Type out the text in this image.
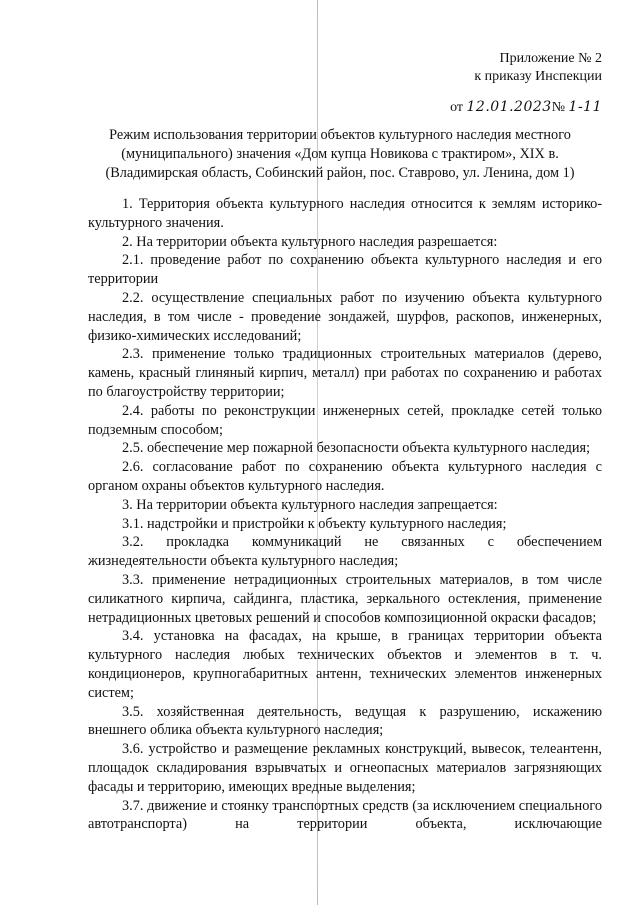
Приложение № 2
к приказу Инспекции
от 12.01.2023№ 1-11
Режим использования территории объектов культурного наследия местного (муниципального) значения «Дом купца Новикова с трактиром», XIX в. (Владимирская область, Собинский район, пос. Ставрово, ул. Ленина, дом 1)

1. Территория объекта культурного наследия относится к землям историко-культурного значения.

2. На территории объекта культурного наследия разрешается:

2.1. проведение работ по сохранению объекта культурного наследия и его территории

2.2. осуществление специальных работ по изучению объекта культурного наследия, в том числе - проведение зондажей, шурфов, раскопов, инженерных, физико-химических исследований;

2.3. применение только традиционных строительных материалов (дерево, камень, красный глиняный кирпич, металл) при работах по сохранению и работах по благоустройству территории;

2.4. работы по реконструкции инженерных сетей, прокладке сетей только подземным способом;

2.5. обеспечение мер пожарной безопасности объекта культурного наследия;

2.6. согласование работ по сохранению объекта культурного наследия с органом охраны объектов культурного наследия.

3. На территории объекта культурного наследия запрещается:

3.1. надстройки и пристройки к объекту культурного наследия;

3.2. прокладка коммуникаций не связанных с обеспечением жизнедеятельности объекта культурного наследия;

3.3. применение нетрадиционных строительных материалов, в том числе силикатного кирпича, сайдинга, пластика, зеркального остекления, применение нетрадиционных цветовых решений и способов композиционной окраски фасадов;

3.4. установка на фасадах, на крыше, в границах территории объекта культурного наследия любых технических объектов и элементов в т. ч. кондиционеров, крупногабаритных антенн, технических элементов инженерных систем;

3.5. хозяйственная деятельность, ведущая к разрушению, искажению внешнего облика объекта культурного наследия;

3.6. устройство и размещение рекламных конструкций, вывесок, телеантенн, площадок складирования взрывчатых и огнеопасных материалов загрязняющих фасады и территорию, имеющих вредные выделения;

3.7. движение и стоянку транспортных средств (за исключением специального автотранспорта) на территории объекта, исключающие
